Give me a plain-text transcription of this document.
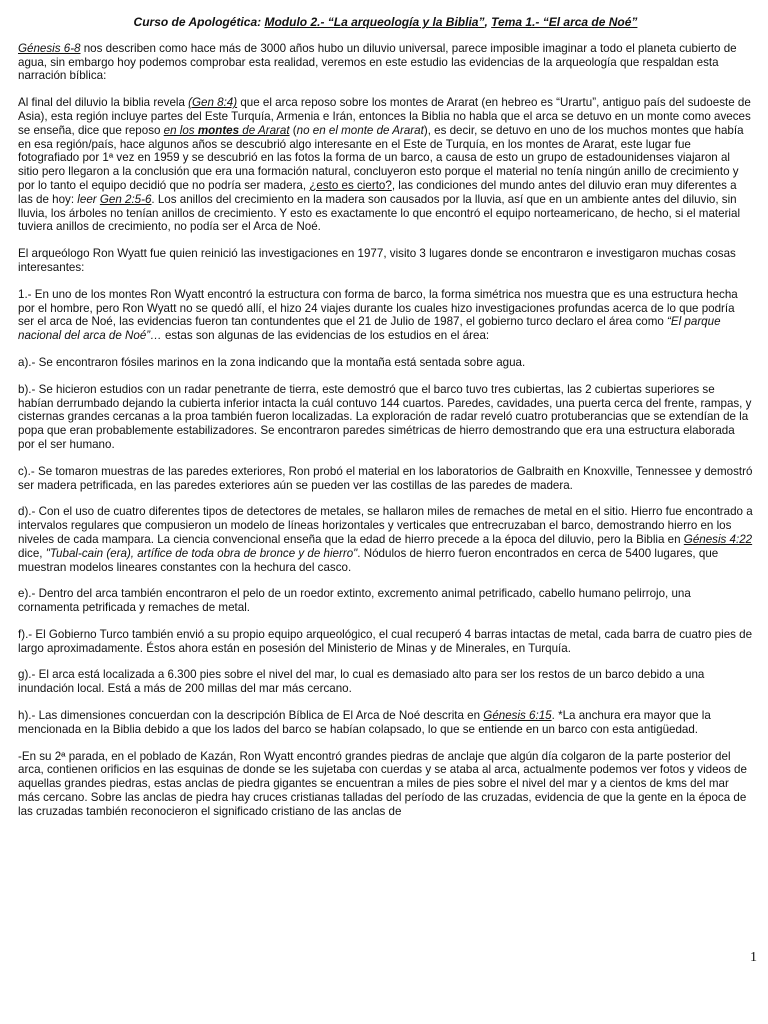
Curso de Apologética: Modulo 2.- “La arqueología y la Biblia”, Tema 1.- “El arca de Noé”

Génesis 6-8 nos describen como hace más de 3000 años hubo un diluvio universal, parece imposible imaginar a todo el planeta cubierto de agua, sin embargo hoy podemos comprobar esta realidad, veremos en este estudio las evidencias de la arqueología que respaldan esta narración bíblica:

Al final del diluvio la biblia revela (Gen 8:4) que el arca reposo sobre los montes de Ararat (en hebreo es “Urartu”, antiguo país del sudoeste de Asia), esta región incluye partes del Este Turquía, Armenia e Irán, entonces la Biblia no habla que el arca se detuvo en un monte como aveces se enseña, dice que reposo en los montes de Ararat (no en el monte de Ararat), es decir, se detuvo en uno de los muchos montes que había en esa región/país, hace algunos años se descubrió algo interesante en el Este de Turquía, en los montes de Ararat, este lugar fue fotografiado por 1ª vez en 1959 y se descubrió en las fotos la forma de un barco, a causa de esto un grupo de estadounidenses viajaron al sitio pero llegaron a la conclusión que era una formación natural, concluyeron esto porque el material no tenía ningún anillo de crecimiento y por lo tanto el equipo decidió que no podría ser madera, ¿esto es cierto?, las condiciones del mundo antes del diluvio eran muy diferentes a las de hoy: leer Gen 2:5-6. Los anillos del crecimiento en la madera son causados por la lluvia, así que en un ambiente antes del diluvio, sin lluvia, los árboles no tenían anillos de crecimiento. Y esto es exactamente lo que encontró el equipo norteamericano, de hecho, si el material tuviera anillos de crecimiento, no podía ser el Arca de Noé.

El arqueólogo Ron Wyatt fue quien reinició las investigaciones en 1977, visito 3 lugares donde se encontraron e investigaron muchas cosas interesantes:

1.- En uno de los montes Ron Wyatt encontró la estructura con forma de barco, la forma simétrica nos muestra que es una estructura hecha por el hombre, pero Ron Wyatt no se quedó allí, el hizo 24 viajes durante los cuales hizo investigaciones profundas acerca de lo que podría ser el arca de Noé, las evidencias fueron tan contundentes que el 21 de Julio de 1987, el gobierno turco declaro el área como “El parque nacional del arca de Noé”… estas son algunas de las evidencias de los estudios en el área:

a).- Se encontraron fósiles marinos en la zona indicando que la montaña está sentada sobre agua.

b).- Se hicieron estudios con un radar penetrante de tierra, este demostró que el barco tuvo tres cubiertas, las 2 cubiertas superiores se habían derrumbado dejando la cubierta inferior intacta la cuál contuvo 144 cuartos. Paredes, cavidades, una puerta cerca del frente, rampas, y cisternas grandes cercanas a la proa también fueron localizadas. La exploración de radar reveló cuatro protuberancias que se extendían de la popa que eran probablemente estabilizadores. Se encontraron paredes simétricas de hierro demostrando que era una estructura elaborada por el ser humano.

c).- Se tomaron muestras de las paredes exteriores, Ron probó el material en los laboratorios de Galbraith en Knoxville, Tennessee y demostró ser madera petrificada, en las paredes exteriores aún se pueden ver las costillas de las paredes de madera.

d).- Con el uso de cuatro diferentes tipos de detectores de metales, se hallaron miles de remaches de metal en el sitio. Hierro fue encontrado a intervalos regulares que compusieron un modelo de líneas horizontales y verticales que entrecruzaban el barco, demostrando hierro en los niveles de cada mampara. La ciencia convencional enseña que la edad de hierro precede a la época del diluvio, pero la Biblia en Génesis 4:22 dice, "Tubal-cain (era), artífice de toda obra de bronce y de hierro". Nódulos de hierro fueron encontrados en cerca de 5400 lugares, que muestran modelos lineares constantes con la hechura del casco.

e).- Dentro del arca también encontraron el pelo de un roedor extinto, excremento animal petrificado, cabello humano pelirrojo, una cornamenta petrificada y remaches de metal.

f).- El Gobierno Turco también envió a su propio equipo arqueológico, el cual recuperó 4 barras intactas de metal, cada barra de cuatro pies de largo aproximadamente. Éstos ahora están en posesión del Ministerio de Minas y de Minerales, en Turquía.

g).- El arca está localizada a 6.300 pies sobre el nivel del mar, lo cual es demasiado alto para ser los restos de un barco debido a una inundación local. Está a más de 200 millas del mar más cercano.

h).- Las dimensiones concuerdan con la descripción Bíblica de El Arca de Noé descrita en Génesis 6:15. *La anchura era mayor que la mencionada en la Biblia debido a que los lados del barco se habían colapsado, lo que se entiende en un barco con esta antigüedad.

-En su 2ª parada, en el poblado de Kazán, Ron Wyatt encontró grandes piedras de anclaje que algún día colgaron de la parte posterior del arca, contienen orificios en las esquinas de donde se les sujetaba con cuerdas y se ataba al arca, actualmente podemos ver fotos y videos de aquellas grandes piedras, estas anclas de piedra gigantes se encuentran a miles de pies sobre el nivel del mar y a cientos de kms del mar más cercano. Sobre las anclas de piedra hay cruces cristianas talladas del período de las cruzadas, evidencia de que la gente en la época de las cruzadas también reconocieron el significado cristiano de las anclas de

1
